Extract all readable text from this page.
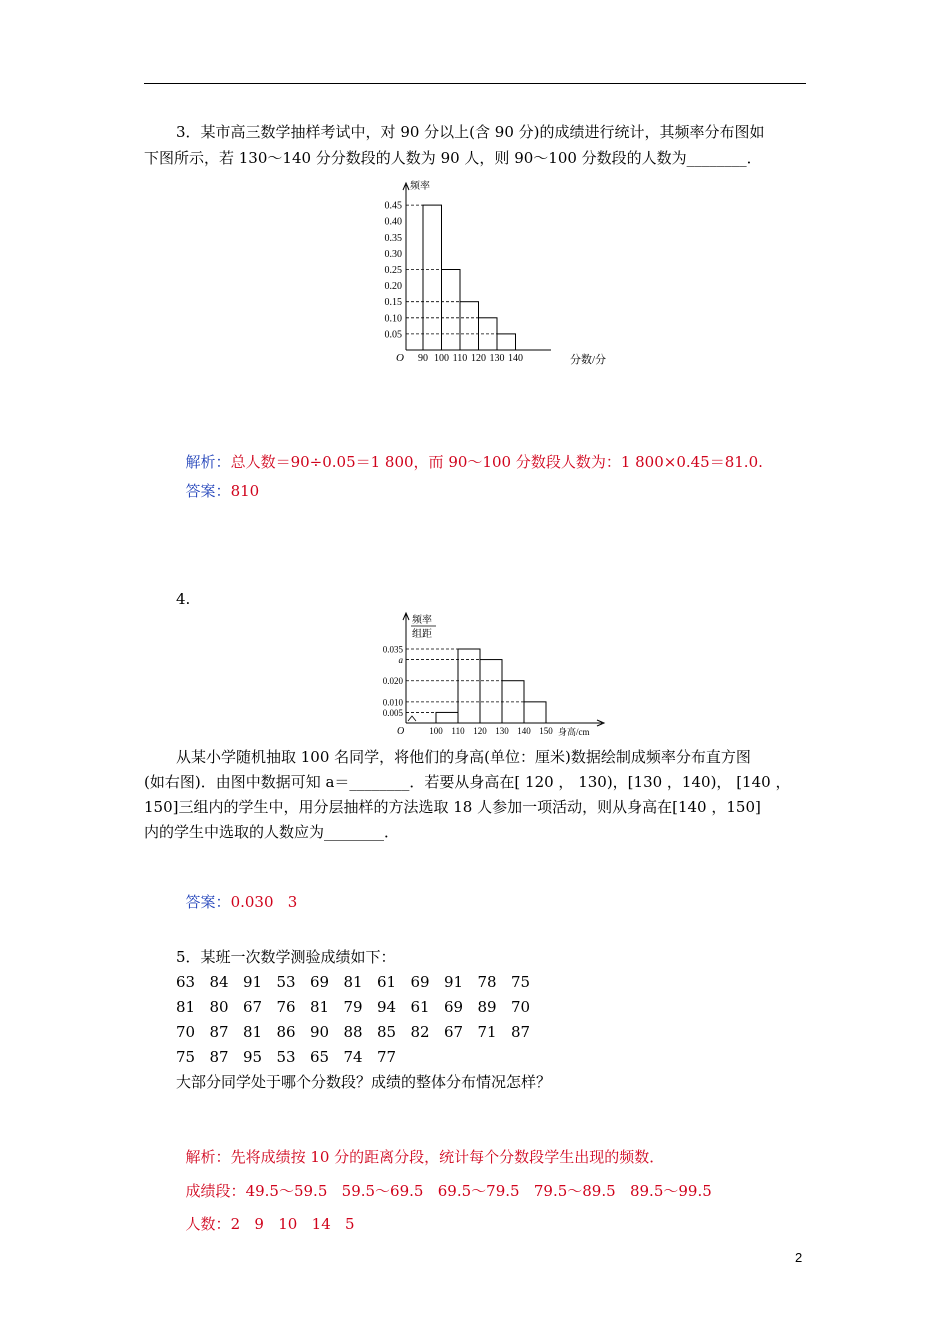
3．某市高三数学抽样考试中，对 90 分以上(含 90 分)的成绩进行统计，其频率分布图如
下图所示，若 130～140 分分数段的人数为 90 人，则 90～100 分数段的人数为________．
频率
O
0.05
0.10
0.15
0.20
0.25
0.30
0.35
0.40
0.45
90 100 110 120 130 140	分数/分

解析：总人数＝90÷0.05＝1 800，而 90～100 分数段人数为：1 800×0.45＝81.0.

答案：810

4.
频率
组距
O
0.005
0.010
0.020
a
0.035
100 110 120 130 140 150 身高/cm
从某小学随机抽取 100 名同学，将他们的身高(单位：厘米)数据绘制成频率分布直方图
(如右图)．由图中数据可知 a＝________．若要从身高在[ 120 ， 130)，[130 ，140)， [140 ，
150]三组内的学生中，用分层抽样的方法选取 18 人参加一项活动，则从身高在[140 ，150]
内的学生中选取的人数应为________．

答案：0.030   3

5．某班一次数学测验成绩如下：
63 84 91 53 69 81 61 69 91 78 75
81 80 67 76 81 79 94 61 69 89 70
70 87 81 86 90 88 85 82 67 71 87
75 87 95 53 65 74 77
大部分同学处于哪个分数段？成绩的整体分布情况怎样？

解析：先将成绩按 10 分的距离分段，统计每个分数段学生出现的频数．

成绩段：49.5～59.5   59.5～69.5   69.5～79.5   79.5～89.5   89.5～99.5

人数：2   9   10   14   5

2
